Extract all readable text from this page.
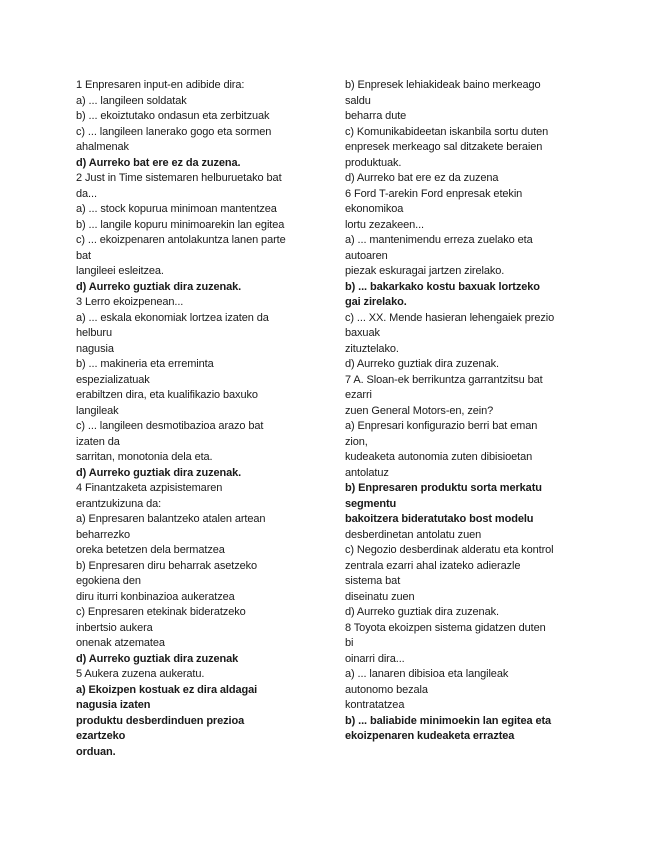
1 Enpresaren input-en adibide dira:
a) ... langileen soldatak
b) ... ekoiztutako ondasun eta zerbitzuak
c) ... langileen lanerako gogo eta sormen
ahalmenak
d) Aurreko bat ere ez da zuzena.
2 Just in Time sistemaren helburuetako bat
da...
a) ... stock kopurua minimoan mantentzea
b) ... langile kopuru minimoarekin lan egitea
c) ... ekoizpenaren antolakuntza lanen parte
bat
langileei esleitzea.
d) Aurreko guztiak dira zuzenak.
3 Lerro ekoizpenean...
a) ... eskala ekonomiak lortzea izaten da
helburu
nagusia
b) ... makineria eta erreminta
espezializatuak
erabiltzen dira, eta kualifikazio baxuko
langileak
c) ... langileen desmotibazioa arazo bat
izaten da
sarritan, monotonia dela eta.
d) Aurreko guztiak dira zuzenak.
4 Finantzaketa azpisistemaren
erantzukizuna da:
a) Enpresaren balantzeko atalen artean
beharrezko
oreka betetzen dela bermatzea
b) Enpresaren diru beharrak asetzeko
egokiena den
diru iturri konbinazioa aukeratzea
c) Enpresaren etekinak bideratzeko
inbertsio aukera
onenak atzematea
d) Aurreko guztiak dira zuzenak
5 Aukera zuzena aukeratu.
a) Ekoizpen kostuak ez dira aldagai
nagusia izaten
produktu desberdinduen prezioa
ezartzeko
orduan.
b) Enpresek lehiakideak baino merkeago
saldu
beharra dute
c) Komunikabideetan iskanbila sortu duten
enpresek merkeago sal ditzakete beraien
produktuak.
d) Aurreko bat ere ez da zuzena
6 Ford T-arekin Ford enpresak etekin
ekonomikoa
lortu zezakeen...
a) ... mantenimendu erreza zuelako eta
autoaren
piezak eskuragai jartzen zirelako.
b) ... bakarkako kostu baxuak lortzeko
gai zirelako.
c) ... XX. Mende hasieran lehengaiek prezio
baxuak
zituztelako.
d) Aurreko guztiak dira zuzenak.
7 A. Sloan-ek berrikuntza garrantzitsu bat
ezarri
zuen General Motors-en, zein?
a) Enpresari konfigurazio berri bat eman
zion,
kudeaketa autonomia zuten dibisioetan
antolatuz
b) Enpresaren produktu sorta merkatu
segmentu
bakoitzera bideratutako bost modelu
desberdinetan antolatu zuen
c) Negozio desberdinak alderatu eta kontrol
zentrala ezarri ahal izateko adierazle
sistema bat
diseinatu zuen
d) Aurreko guztiak dira zuzenak.
8 Toyota ekoizpen sistema gidatzen duten
bi
oinarri dira...
a) ... lanaren dibisioa eta langileak
autonomo bezala
kontratatzea
b) ... baliabide minimoekin lan egitea eta
ekoizpenaren kudeaketa erraztea
